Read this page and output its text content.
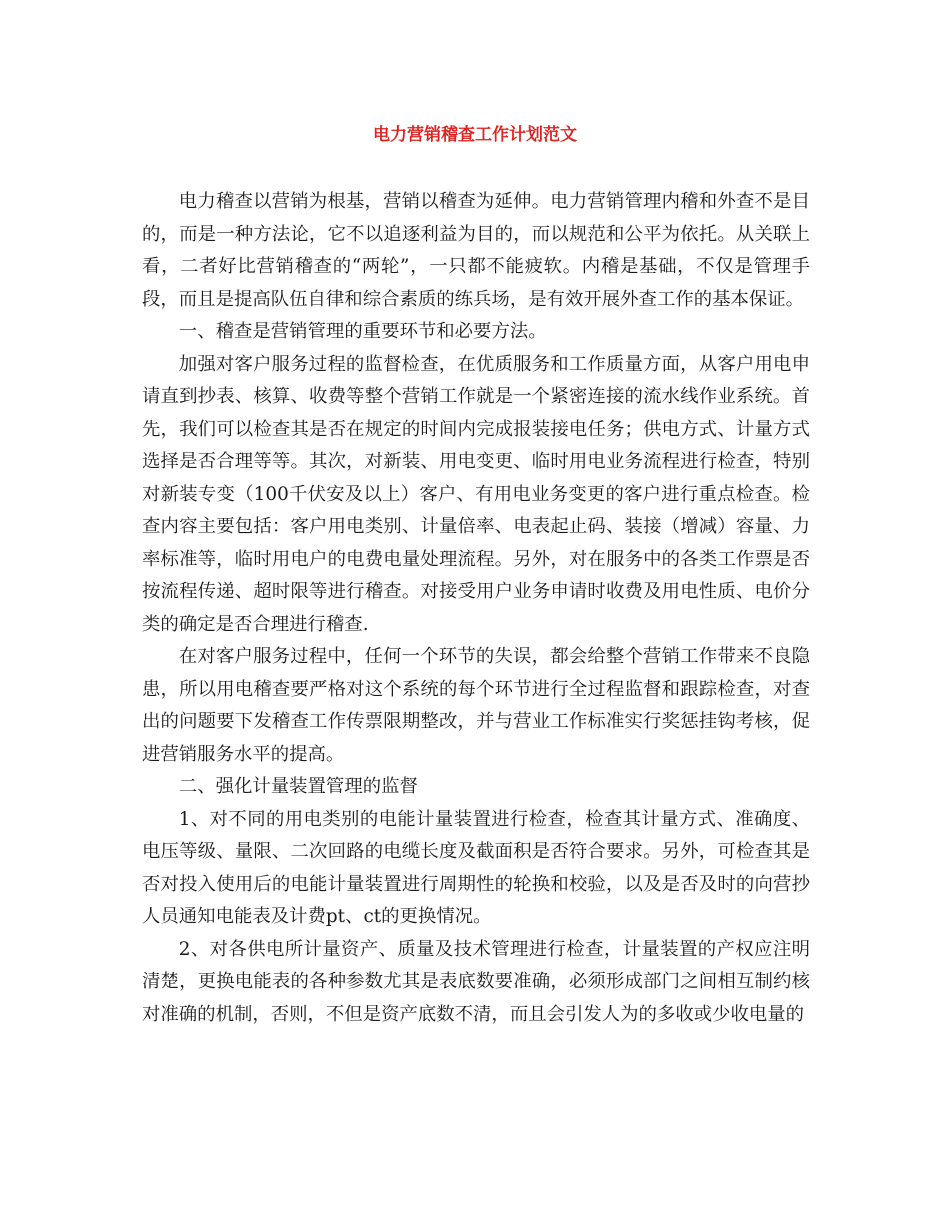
电力营销稽查工作计划范文

电力稽查以营销为根基，营销以稽查为延伸。电力营销管理内稽和外查不是目的，而是一种方法论，它不以追逐利益为目的，而以规范和公平为依托。从关联上看，二者好比营销稽查的“两轮”，一只都不能疲软。内稽是基础，不仅是管理手段，而且是提高队伍自律和综合素质的练兵场，是有效开展外查工作的基本保证。

一、稽查是营销管理的重要环节和必要方法。

加强对客户服务过程的监督检查，在优质服务和工作质量方面，从客户用电申请直到抄表、核算、收费等整个营销工作就是一个紧密连接的流水线作业系统。首先，我们可以检查其是否在规定的时间内完成报装接电任务；供电方式、计量方式选择是否合理等等。其次，对新装、用电变更、临时用电业务流程进行检查，特别对新装专变（100千伏安及以上）客户、有用电业务变更的客户进行重点检查。检查内容主要包括：客户用电类别、计量倍率、电表起止码、装接（增减）容量、力率标准等，临时用电户的电费电量处理流程。另外，对在服务中的各类工作票是否按流程传递、超时限等进行稽查。对接受用户业务申请时收费及用电性质、电价分类的确定是否合理进行稽查.

在对客户服务过程中，任何一个环节的失误，都会给整个营销工作带来不良隐患，所以用电稽查要严格对这个系统的每个环节进行全过程监督和跟踪检查，对查出的问题要下发稽查工作传票限期整改，并与营业工作标准实行奖惩挂钩考核，促进营销服务水平的提高。

二、强化计量装置管理的监督

1、对不同的用电类别的电能计量装置进行检查，检查其计量方式、准确度、电压等级、量限、二次回路的电缆长度及截面积是否符合要求。另外，可检查其是否对投入使用后的电能计量装置进行周期性的轮换和校验，以及是否及时的向营抄人员通知电能表及计费pt、ct的更换情况。

2、对各供电所计量资产、质量及技术管理进行检查，计量装置的产权应注明清楚，更换电能表的各种参数尤其是表底数要准确，必须形成部门之间相互制约核对准确的机制，否则，不但是资产底数不清，而且会引发人为的多收或少收电量的
